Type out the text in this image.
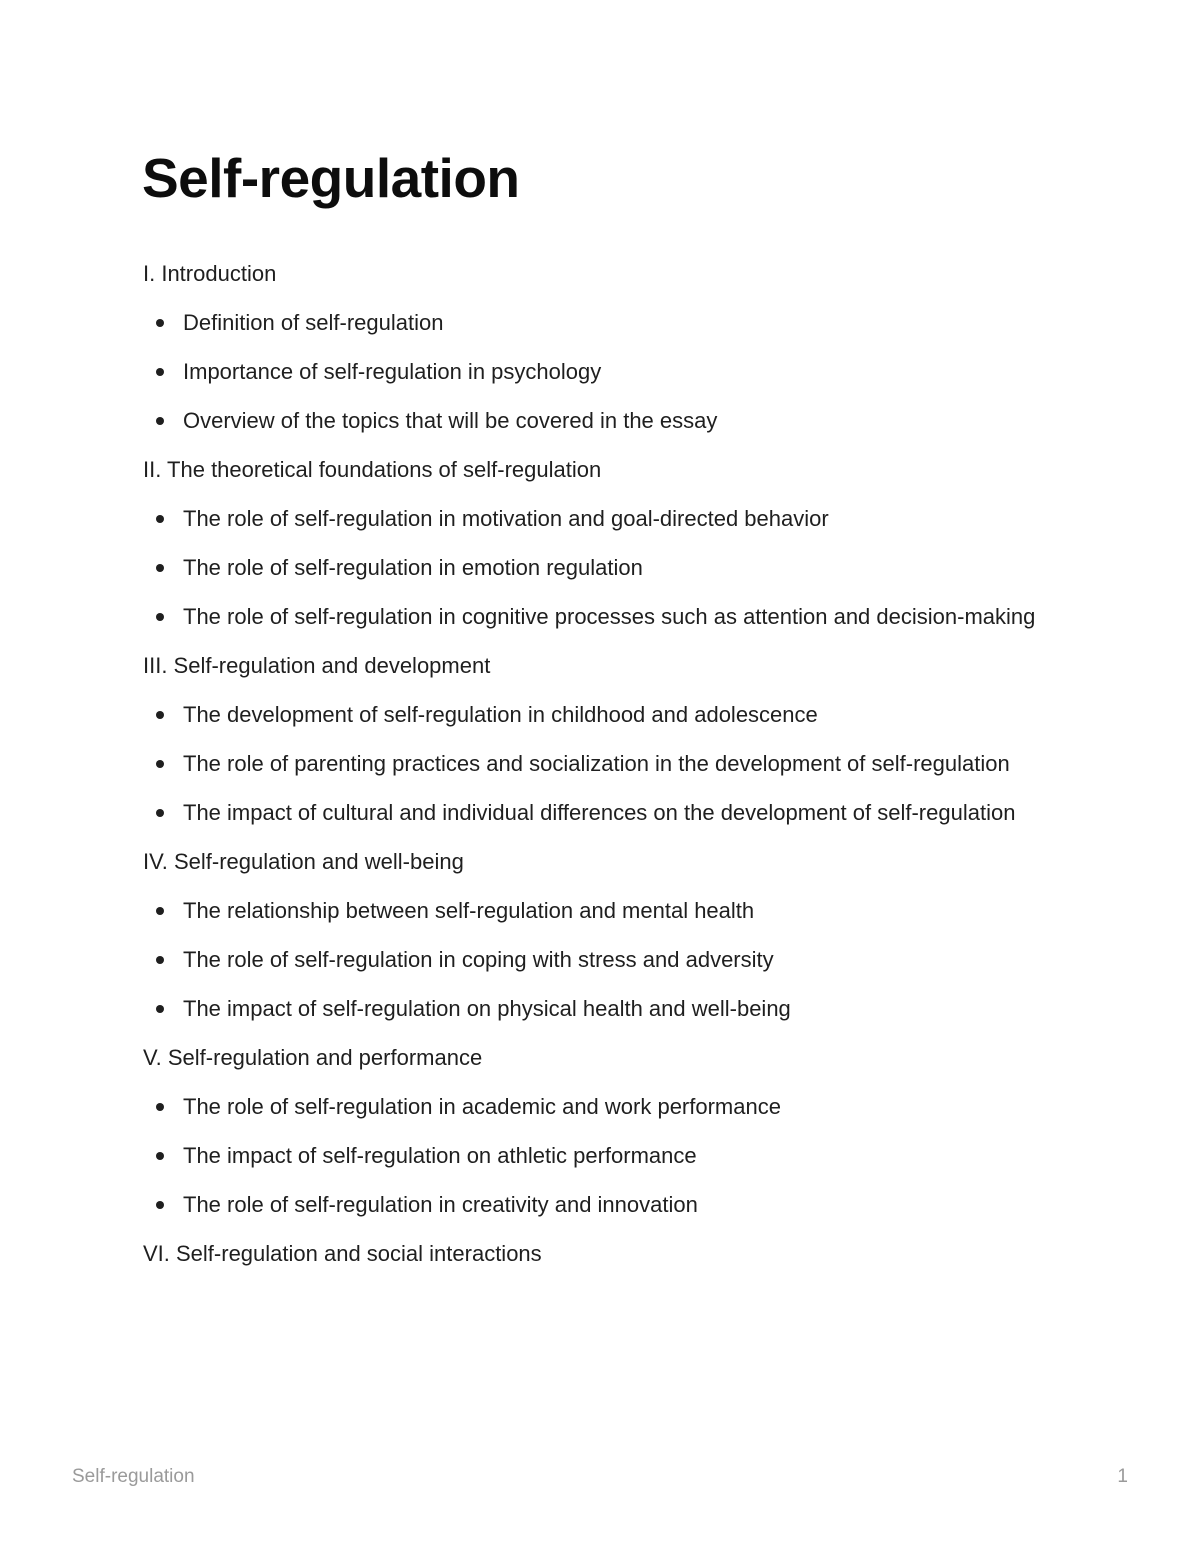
Self-regulation
I. Introduction
Definition of self-regulation
Importance of self-regulation in psychology
Overview of the topics that will be covered in the essay
II. The theoretical foundations of self-regulation
The role of self-regulation in motivation and goal-directed behavior
The role of self-regulation in emotion regulation
The role of self-regulation in cognitive processes such as attention and decision-making
III. Self-regulation and development
The development of self-regulation in childhood and adolescence
The role of parenting practices and socialization in the development of self-regulation
The impact of cultural and individual differences on the development of self-regulation
IV. Self-regulation and well-being
The relationship between self-regulation and mental health
The role of self-regulation in coping with stress and adversity
The impact of self-regulation on physical health and well-being
V. Self-regulation and performance
The role of self-regulation in academic and work performance
The impact of self-regulation on athletic performance
The role of self-regulation in creativity and innovation
VI. Self-regulation and social interactions
Self-regulation	1
